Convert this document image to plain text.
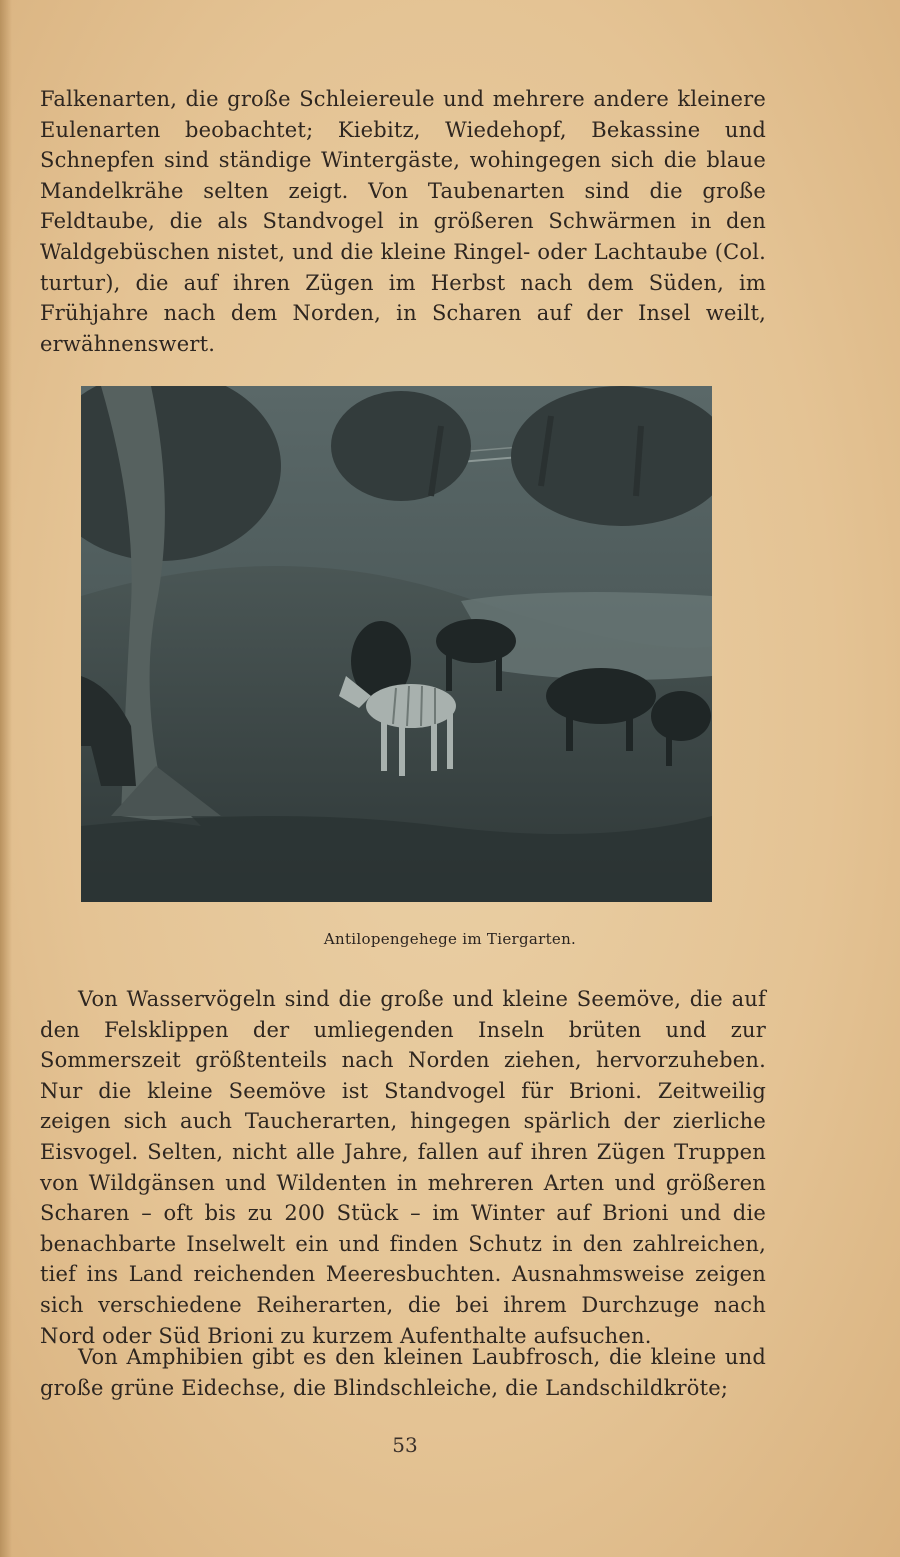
Falkenarten, die große Schleiereule und mehrere andere kleinere Eulenarten beobachtet; Kiebitz, Wiedehopf, Bekassine und Schnepfen sind ständige Wintergäste, wohingegen sich die blaue Mandelkrähe selten zeigt. Von Taubenarten sind die große Feldtaube, die als Standvogel in größeren Schwärmen in den Waldgebüschen nistet, und die kleine Ringel- oder Lachtaube (Col. turtur), die auf ihren Zügen im Herbst nach dem Süden, im Frühjahre nach dem Norden, in Scharen auf der Insel weilt, erwähnenswert.

Antilopengehege im Tiergarten.

Von Wasservögeln sind die große und kleine Seemöve, die auf den Felsklippen der umliegenden Inseln brüten und zur Sommerszeit größtenteils nach Norden ziehen, hervorzuheben. Nur die kleine Seemöve ist Standvogel für Brioni. Zeitweilig zeigen sich auch Taucherarten, hingegen spärlich der zierliche Eisvogel. Selten, nicht alle Jahre, fallen auf ihren Zügen Truppen von Wildgänsen und Wildenten in mehreren Arten und größeren Scharen – oft bis zu 200 Stück – im Winter auf Brioni und die benachbarte Inselwelt ein und finden Schutz in den zahlreichen, tief ins Land reichenden Meeresbuchten. Ausnahmsweise zeigen sich verschiedene Reiherarten, die bei ihrem Durchzuge nach Nord oder Süd Brioni zu kurzem Aufenthalte aufsuchen.

Von Amphibien gibt es den kleinen Laubfrosch, die kleine und große grüne Eidechse, die Blindschleiche, die Landschildkröte;

53
